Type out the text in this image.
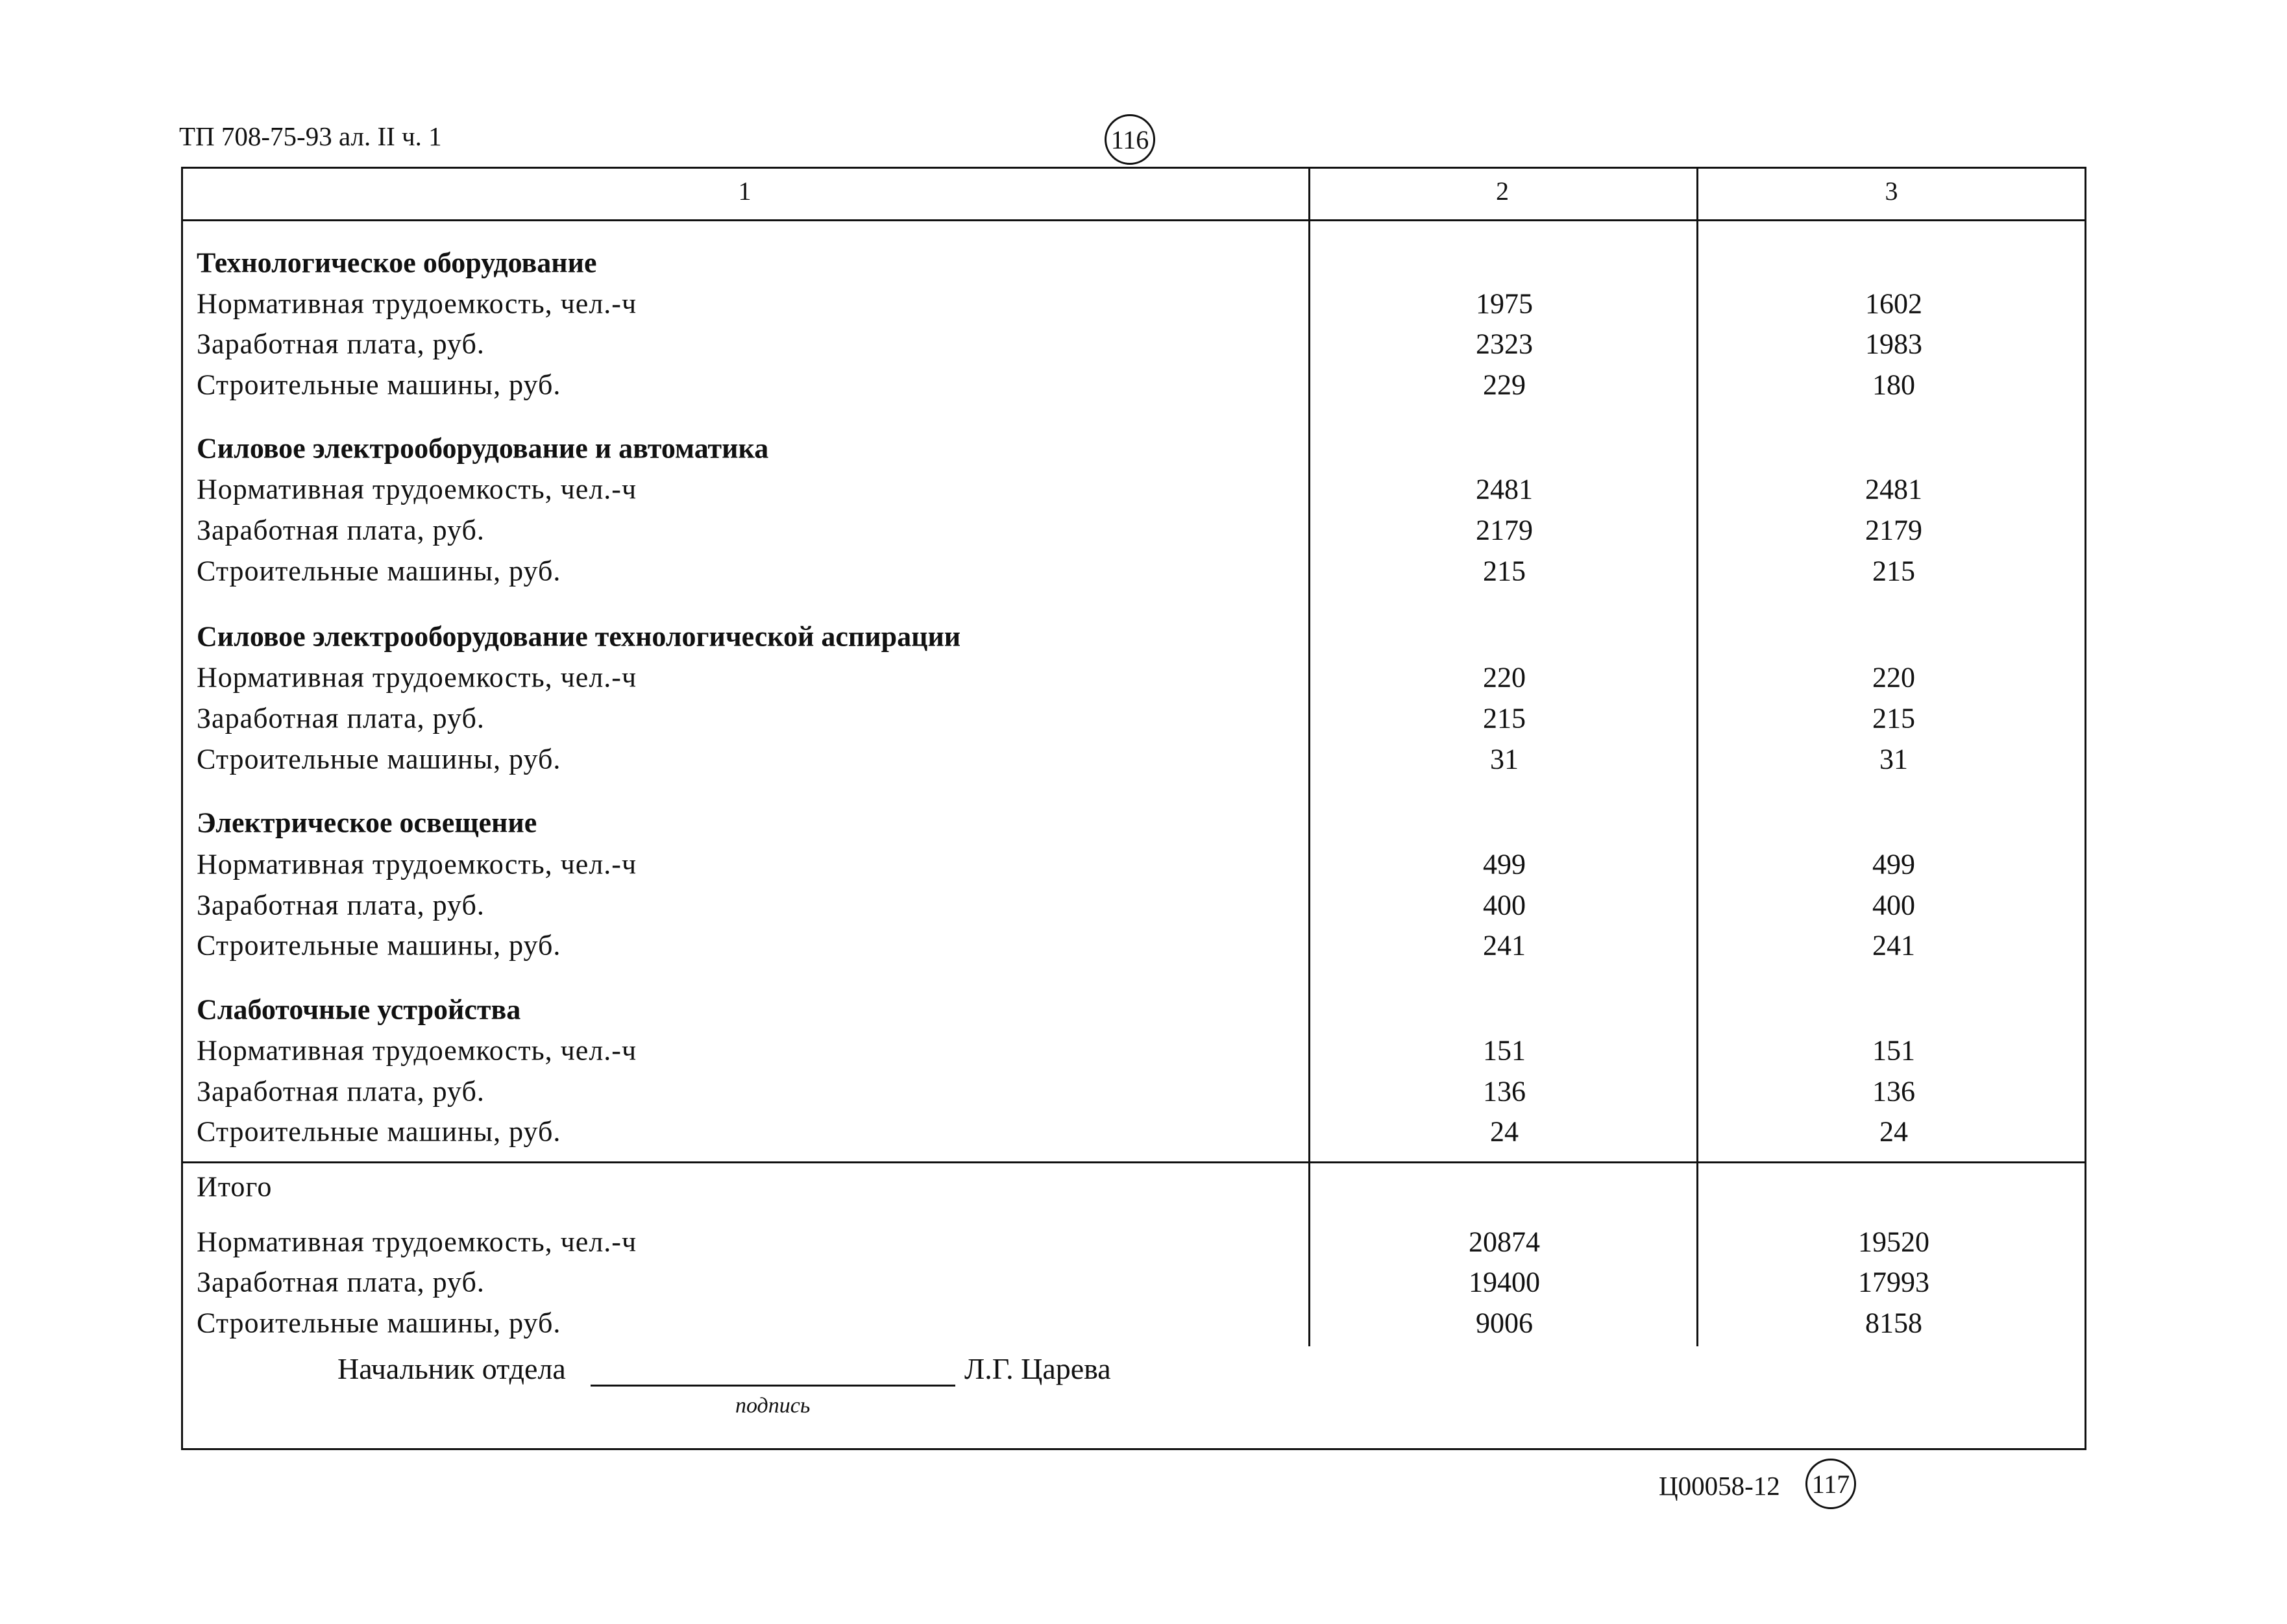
ТП 708-75-93 ал. II ч. 1	116
1	2	3
Технологическое оборудование
Нормативная трудоемкость, чел.-ч	1975	1602
Заработная плата, руб.	2323	1983
Строительные машины, руб.	229	180
Силовое электрооборудование и автоматика
Нормативная трудоемкость, чел.-ч	2481	2481
Заработная плата, руб.	2179	2179
Строительные машины, руб.	215	215
Силовое электрооборудование технологической аспирации
Нормативная трудоемкость, чел.-ч	220	220
Заработная плата, руб.	215	215
Строительные машины, руб.	31	31
Электрическое освещение
Нормативная трудоемкость, чел.-ч	499	499
Заработная плата, руб.	400	400
Строительные машины, руб.	241	241
Слаботочные устройства
Нормативная трудоемкость, чел.-ч	151	151
Заработная плата, руб.	136	136
Строительные машины, руб.	24	24
Итого
Нормативная трудоемкость, чел.-ч	20874	19520
Заработная плата, руб.	19400	17993
Строительные машины, руб.	9006	8158
Начальник отдела	Л.Г. Царева
подпись
Ц00058-12 117
